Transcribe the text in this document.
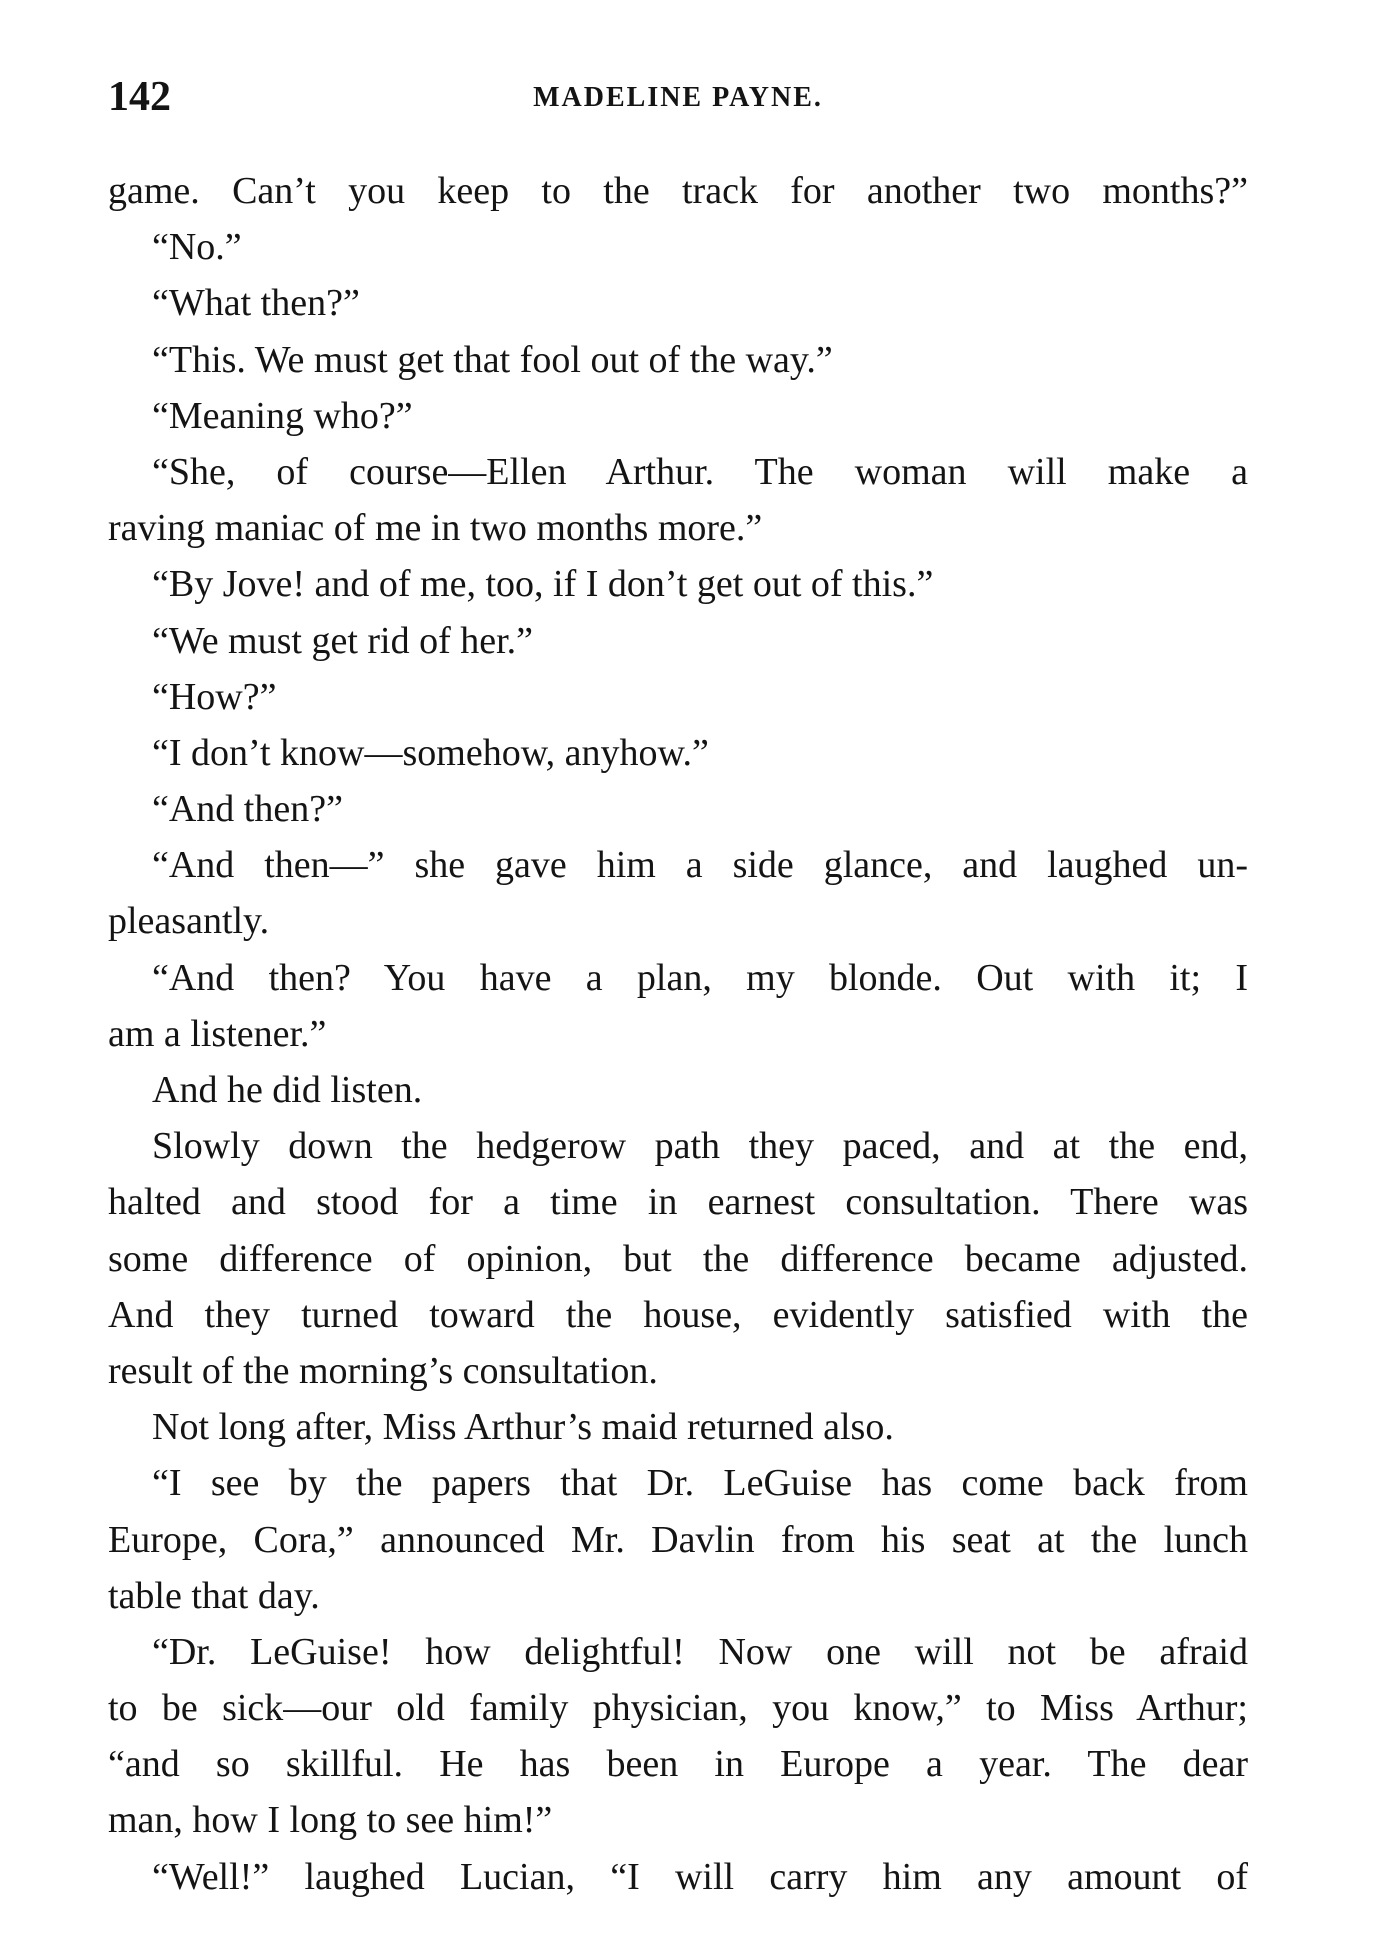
142	MADELINE PAYNE.
game. Can’t you keep to the track for another two months?”
“No.”
“What then?”
“This. We must get that fool out of the way.”
“Meaning who?”
“She, of course—Ellen Arthur. The woman will make a
raving maniac of me in two months more.”
“By Jove! and of me, too, if I don’t get out of this.”
“We must get rid of her.”
“How?”
“I don’t know—somehow, anyhow.”
“And then?”
“And then—” she gave him a side glance, and laughed un-
pleasantly.
“And then? You have a plan, my blonde. Out with it; I
am a listener.”
And he did listen.
Slowly down the hedgerow path they paced, and at the end,
halted and stood for a time in earnest consultation. There was
some difference of opinion, but the difference became adjusted.
And they turned toward the house, evidently satisfied with the
result of the morning’s consultation.
Not long after, Miss Arthur’s maid returned also.
“I see by the papers that Dr. LeGuise has come back from
Europe, Cora,” announced Mr. Davlin from his seat at the lunch
table that day.
“Dr. LeGuise! how delightful! Now one will not be afraid
to be sick—our old family physician, you know,” to Miss Arthur;
“and so skillful. He has been in Europe a year. The dear
man, how I long to see him!”
“Well!” laughed Lucian, “I will carry him any amount of
